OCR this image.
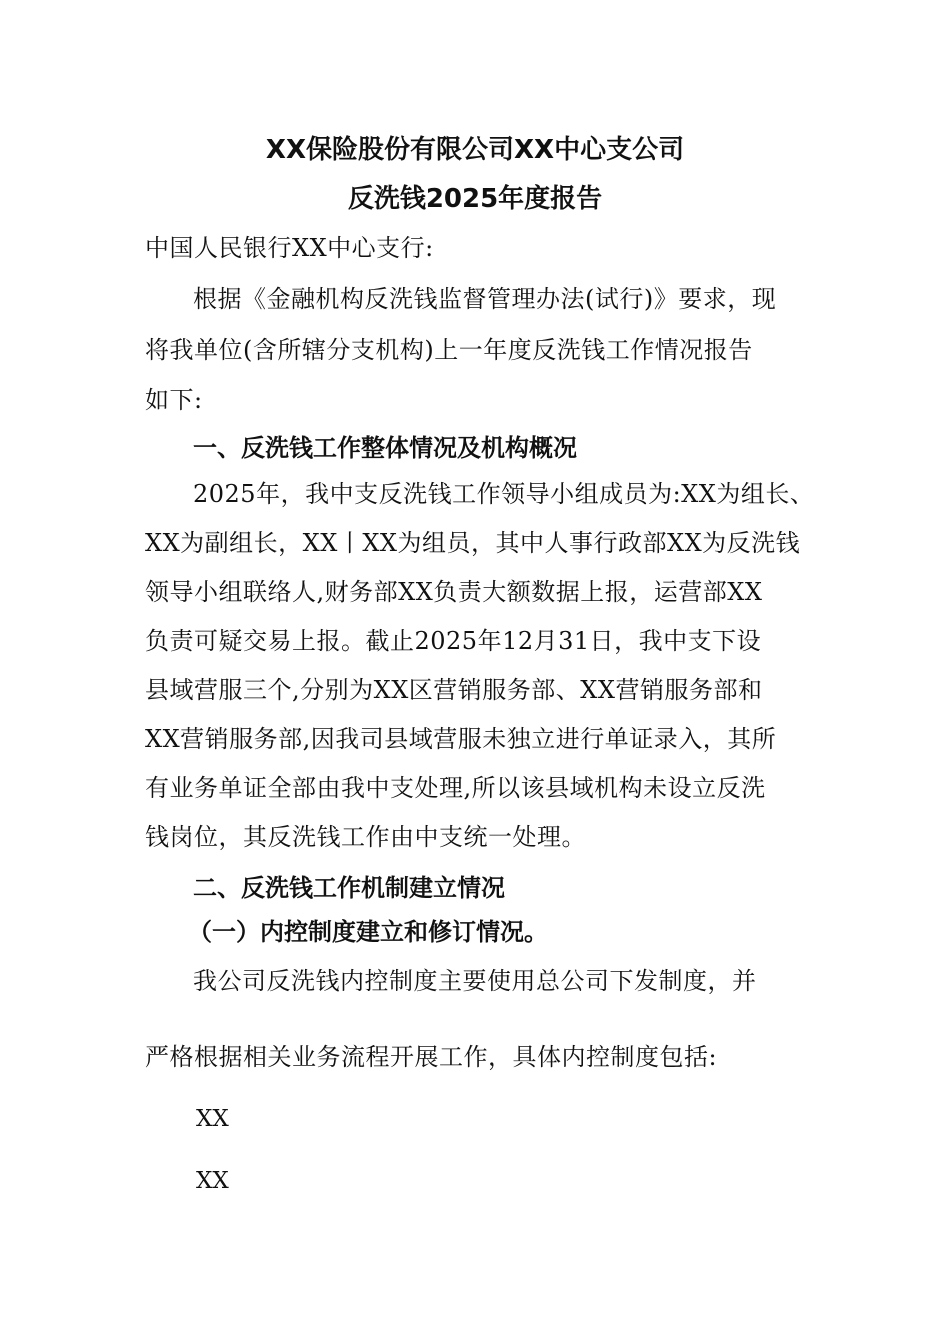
XX保险股份有限公司XX中心支公司
反洗钱2025年度报告
中国人民银行XX中心支行:
根据《金融机构反洗钱监督管理办法(试行)》要求，现
将我单位(含所辖分支机构)上一年度反洗钱工作情况报告
如下:
一、反洗钱工作整体情况及机构概况
2025年，我中支反洗钱工作领导小组成员为:XX为组长、
XX为副组长，XX丨XX为组员，其中人事行政部XX为反洗钱
领导小组联络人,财务部XX负责大额数据上报，运营部XX
负责可疑交易上报。截止2025年12月31日，我中支下设
县域营服三个,分别为XX区营销服务部、XX营销服务部和
XX营销服务部,因我司县域营服未独立进行单证录入，其所
有业务单证全部由我中支处理,所以该县域机构未设立反洗
钱岗位，其反洗钱工作由中支统一处理。
二、反洗钱工作机制建立情况
（一）内控制度建立和修订情况。
我公司反洗钱内控制度主要使用总公司下发制度，并
严格根据相关业务流程开展工作，具体内控制度包括:
XX
XX
